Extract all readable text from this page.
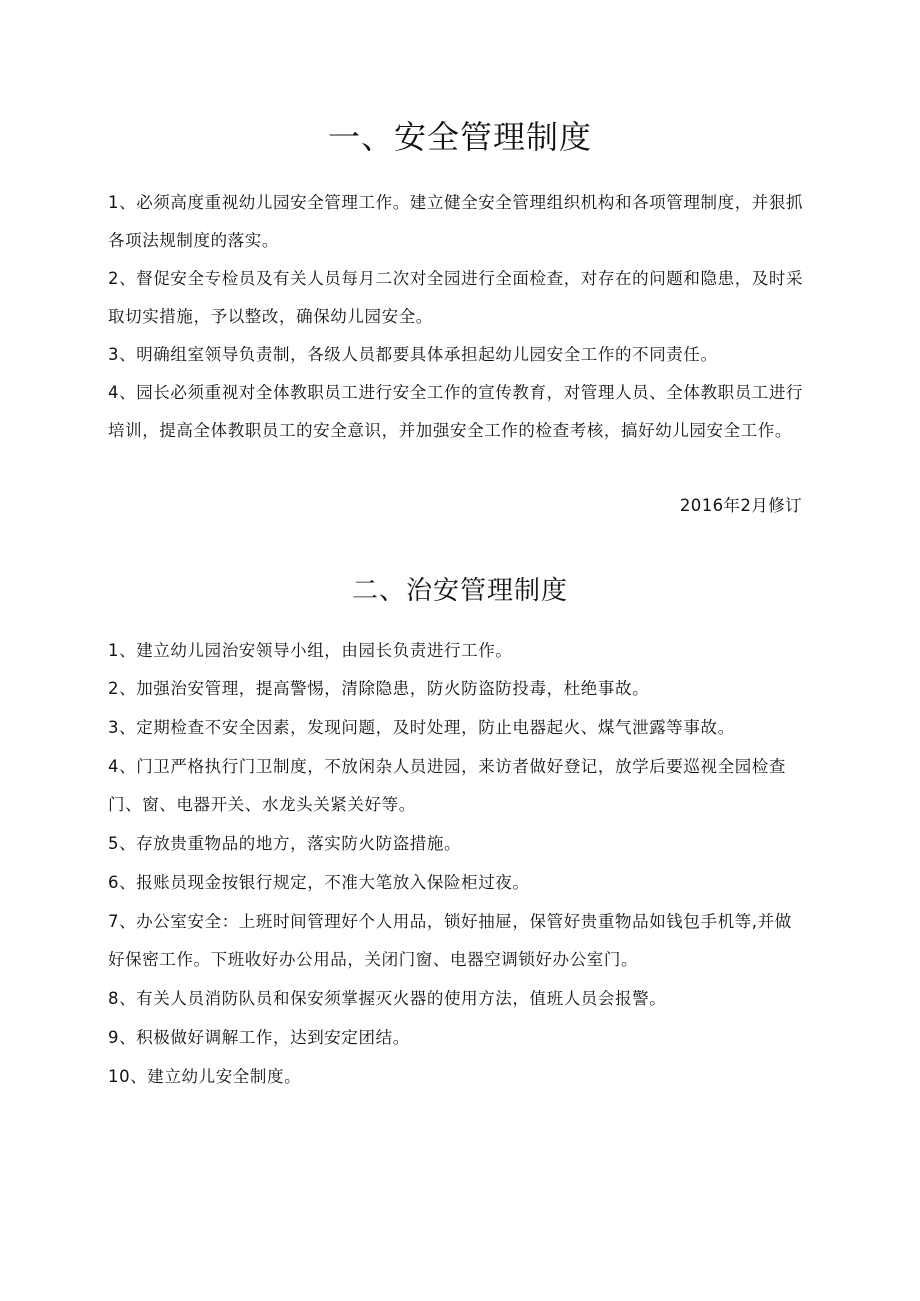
一、安全管理制度

1、必须高度重视幼儿园安全管理工作。建立健全安全管理组织机构和各项管理制度，并狠抓各项法规制度的落实。

2、督促安全专检员及有关人员每月二次对全园进行全面检查，对存在的问题和隐患，及时采取切实措施，予以整改，确保幼儿园安全。

3、明确组室领导负责制，各级人员都要具体承担起幼儿园安全工作的不同责任。

4、园长必须重视对全体教职员工进行安全工作的宣传教育，对管理人员、全体教职员工进行培训，提高全体教职员工的安全意识，并加强安全工作的检查考核，搞好幼儿园安全工作。

2016年2月修订

二、治安管理制度

1、建立幼儿园治安领导小组，由园长负责进行工作。

2、加强治安管理，提高警惕，清除隐患，防火防盗防投毒，杜绝事故。

3、定期检查不安全因素，发现问题，及时处理，防止电器起火、煤气泄露等事故。

4、门卫严格执行门卫制度，不放闲杂人员进园，来访者做好登记，放学后要巡视全园检查门、窗、电器开关、水龙头关紧关好等。

5、存放贵重物品的地方，落实防火防盗措施。

6、报账员现金按银行规定，不准大笔放入保险柜过夜。

7、办公室安全：上班时间管理好个人用品，锁好抽屉，保管好贵重物品如钱包手机等,并做好保密工作。下班收好办公用品，关闭门窗、电器空调锁好办公室门。

8、有关人员消防队员和保安须掌握灭火器的使用方法，值班人员会报警。

9、积极做好调解工作，达到安定团结。

10、建立幼儿安全制度。
